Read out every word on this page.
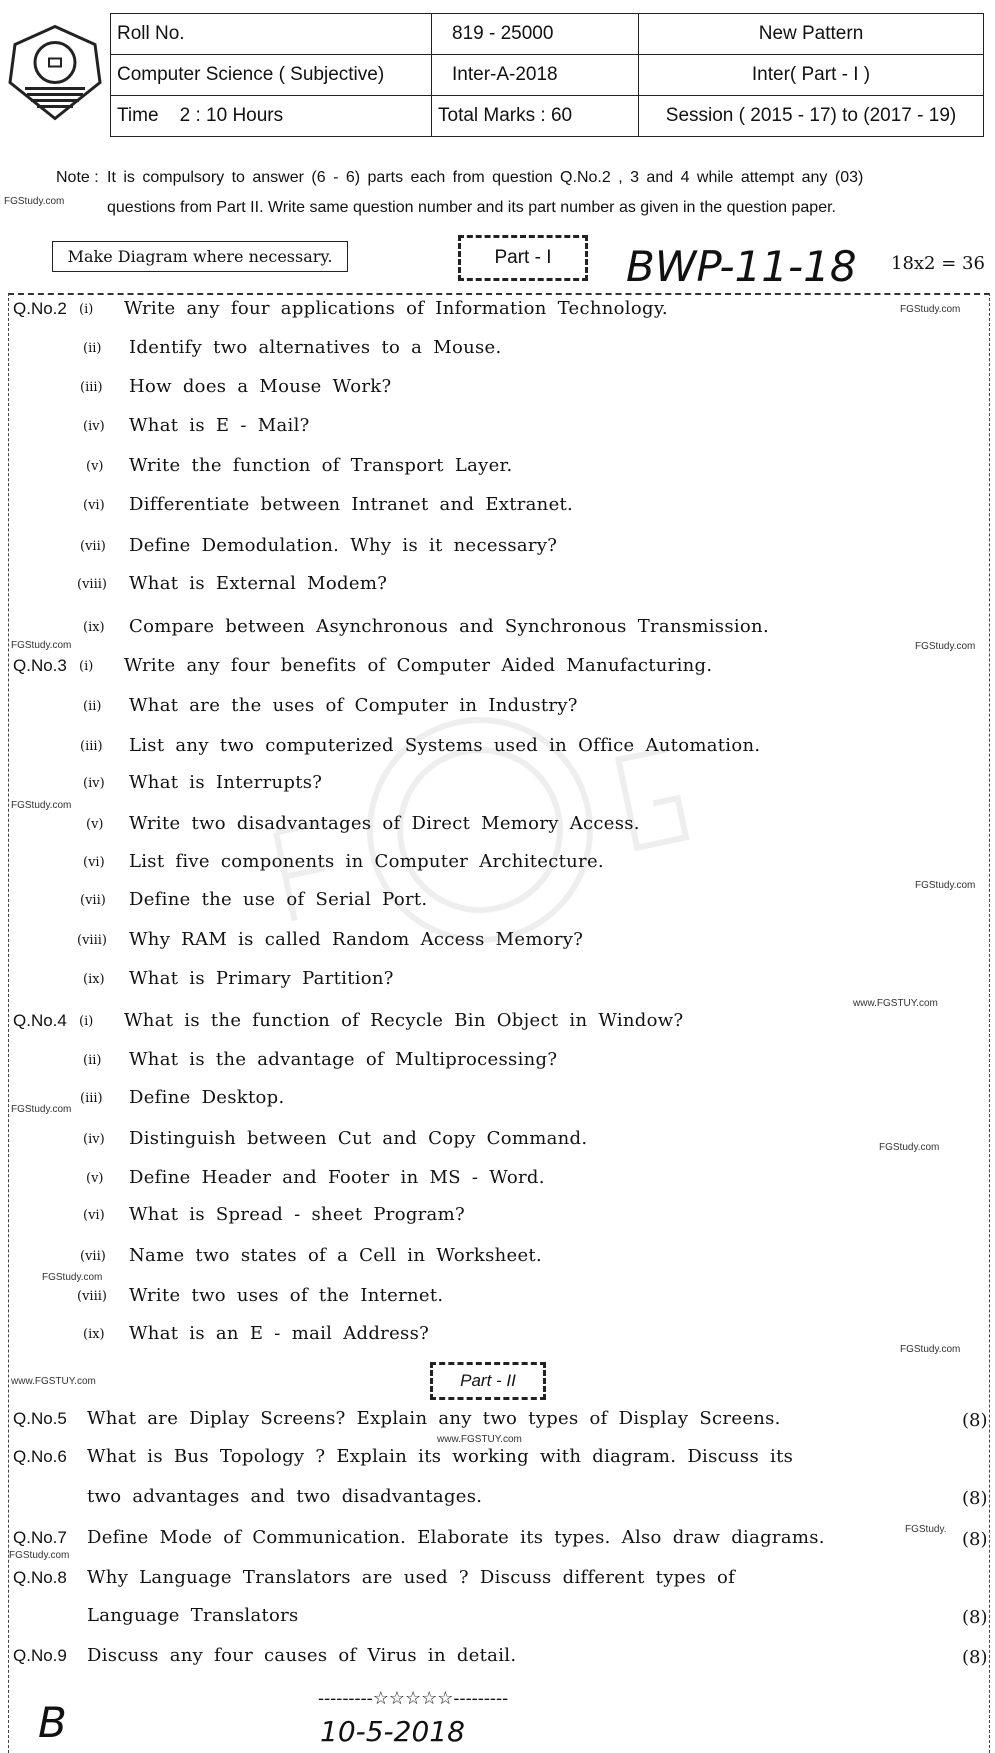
Roll No.	819 - 25000	New Pattern
Computer Science ( Subjective)	Inter-A-2018	Inter( Part - I )
Time    2 : 10 Hours	Total Marks : 60	Session ( 2015 - 17) to (2017 - 19)
Note : It is compulsory to answer (6 - 6) parts each from question Q.No.2 , 3 and 4 while attempt any (03)
questions from Part II. Write same question number and its part number as given in the question paper.
Make Diagram where necessary.	Part - I	BWP-11-18 18x2 = 36
Q.No.2 (i) Write any four applications of Information Technology.
(ii) Identify two alternatives to a Mouse.
(iii) How does a Mouse Work?
(iv) What is E - Mail?
(v) Write the function of Transport Layer.
(vi) Differentiate between Intranet and Extranet.
(vii) Define Demodulation. Why is it necessary?
(viii) What is External Modem?
(ix) Compare between Asynchronous and Synchronous Transmission.
Q.No.3 (i) Write any four benefits of Computer Aided Manufacturing.
(ii) What are the uses of Computer in Industry?
(iii) List any two computerized Systems used in Office Automation.
(iv) What is Interrupts?
(v) Write two disadvantages of Direct Memory Access.
(vi) List five components in Computer Architecture.
(vii) Define the use of Serial Port.
(viii) Why RAM is called Random Access Memory?
(ix) What is Primary Partition?
Q.No.4 (i) What is the function of Recycle Bin Object in Window?
(ii) What is the advantage of Multiprocessing?
(iii) Define Desktop.
(iv) Distinguish between Cut and Copy Command.
(v) Define Header and Footer in MS - Word.
(vi) What is Spread - sheet Program?
(vii) Name two states of a Cell in Worksheet.
(viii) Write two uses of the Internet.
(ix) What is an E - mail Address?
Q.No.5 What are Diplay Screens? Explain any two types of Display Screens.	(8)
Q.No.6 What is Bus Topology ? Explain its working with diagram. Discuss its
two advantages and two disadvantages.	(8)
Q.No.7 Define Mode of Communication. Elaborate its types. Also draw diagrams.	(8)
Q.No.8 Why Language Translators are used ? Discuss different types of
Language Translators	(8)
Q.No.9 Discuss any four causes of Virus in detail.	(8)
FGStudy.com
FGStudy.com
FGStudy.com	FGStudy.com
FGStudy.com
FGStudy.com
www.FGSTUY.com
FGStudy.com
FGStudy.com
FGStudy.com
FGStudy.com
www.FGSTUY.com
www.FGSTUY.com
FGStudy.
FGStudy.com
Part - II
---------☆☆☆☆☆---------
10-5-2018
B
